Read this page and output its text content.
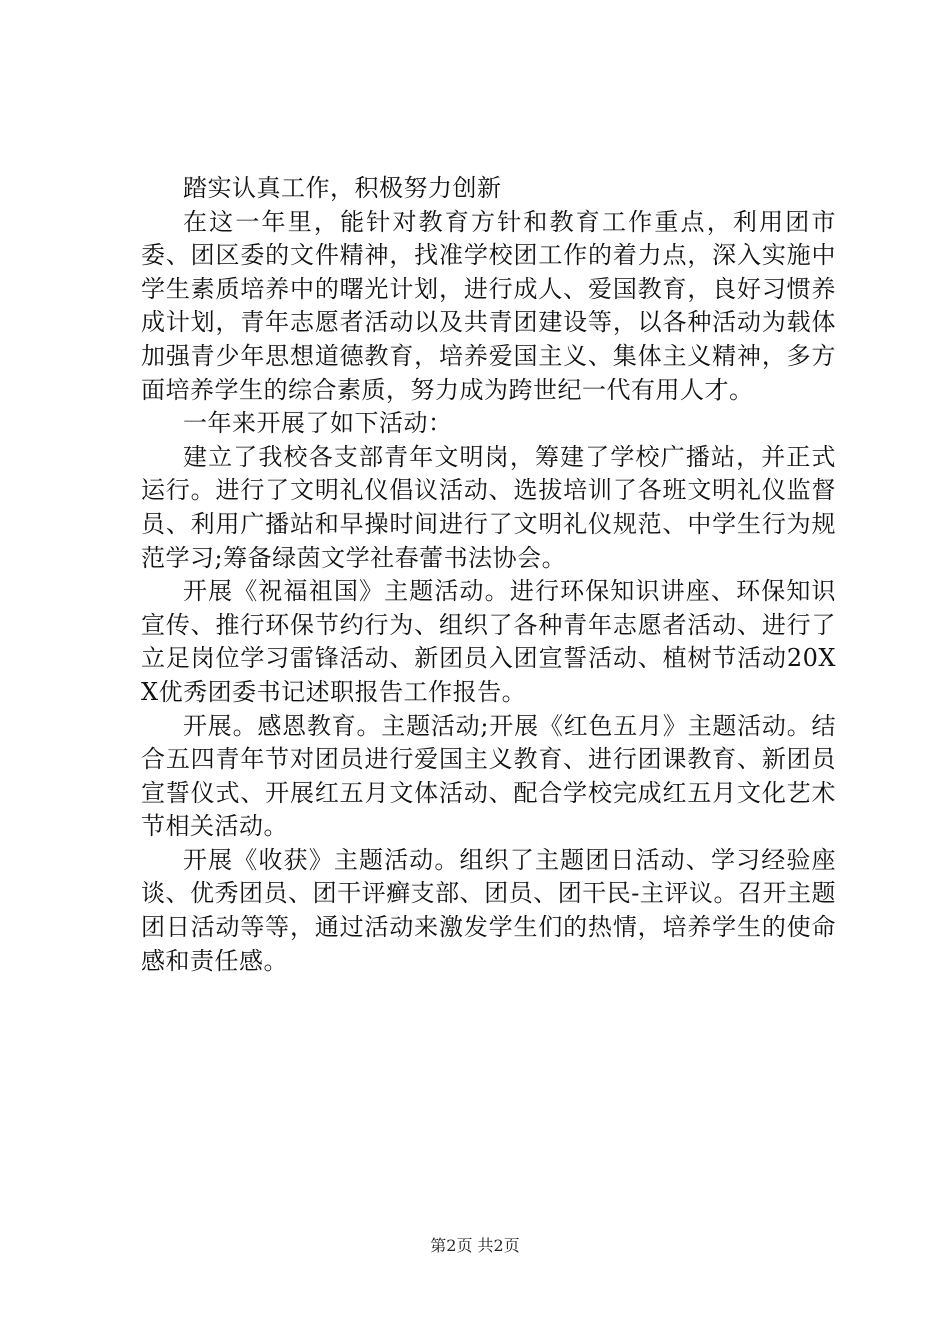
踏实认真工作，积极努力创新

在这一年里，能针对教育方针和教育工作重点，利用团市委、团区委的文件精神，找准学校团工作的着力点，深入实施中学生素质培养中的曙光计划，进行成人、爱国教育，良好习惯养成计划，青年志愿者活动以及共青团建设等，以各种活动为载体加强青少年思想道德教育，培养爱国主义、集体主义精神，多方面培养学生的综合素质，努力成为跨世纪一代有用人才。

一年来开展了如下活动：

建立了我校各支部青年文明岗，筹建了学校广播站，并正式运行。进行了文明礼仪倡议活动、选拔培训了各班文明礼仪监督员、利用广播站和早操时间进行了文明礼仪规范、中学生行为规范学习;筹备绿茵文学社春蕾书法协会。

开展《祝福祖国》主题活动。进行环保知识讲座、环保知识宣传、推行环保节约行为、组织了各种青年志愿者活动、进行了立足岗位学习雷锋活动、新团员入团宣誓活动、植树节活动20XX优秀团委书记述职报告工作报告。

开展。感恩教育。主题活动;开展《红色五月》主题活动。结合五四青年节对团员进行爱国主义教育、进行团课教育、新团员宣誓仪式、开展红五月文体活动、配合学校完成红五月文化艺术节相关活动。

开展《收获》主题活动。组织了主题团日活动、学习经验座谈、优秀团员、团干评癣支部、团员、团干民-主评议。召开主题团日活动等等，通过活动来激发学生们的热情，培养学生的使命感和责任感。

第2页 共2页
